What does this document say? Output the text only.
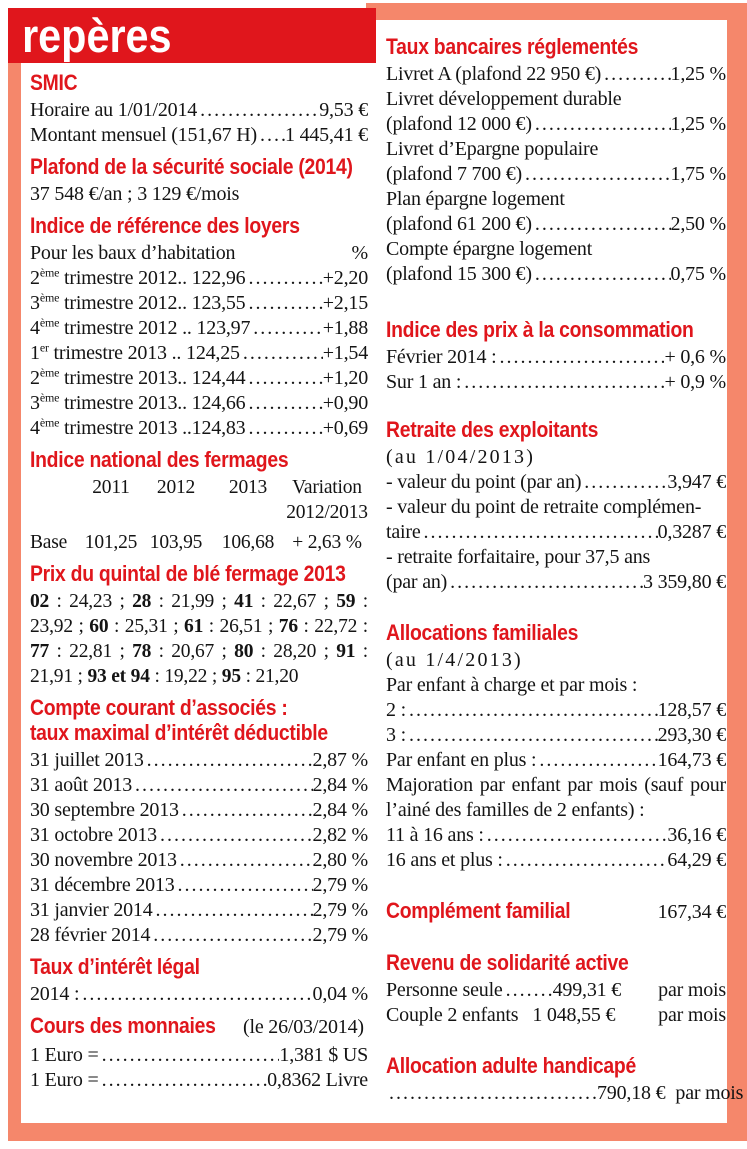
repères
SMIC
Horaire au 1/01/2014 .....	9,53 €
Montant mensuel (151,67 H) ..... 1 445,41 €
Plafond de la sécurité sociale (2014)
37 548 €/an ; 3 129 €/mois
Indice de référence des loyers
Pour les baux d’habitation	%
2ème trimestre 2012.. 122,96 .....	+2,20
3ème trimestre 2012.. 123,55 .....	+2,15
4ème trimestre 2012 .. 123,97 .....	+1,88
1er trimestre 2013 .. 124,25 .....	+1,54
2ème trimestre 2013.. 124,44 .....	+1,20
3ème trimestre 2013.. 124,66 .....	+0,90
4ème trimestre 2013 ..124,83 .....	+0,69
Indice national des fermages
2011	2012	2013	Variation
2012/2013
Base 101,25 103,95	106,68 + 2,63 %
Prix du quintal de blé fermage 2013
02 : 24,23 ; 28 : 21,99 ; 41 : 22,67 ; 59 : 23,92 ; 60 : 25,31 ; 61 : 26,51 ; 76 : 22,72 : 77 : 22,81 ; 78 : 20,67 ; 80 : 28,20 ; 91 : 21,91 ; 93 et 94 : 19,22 ; 95 : 21,20
Compte courant d’associés :
taux maximal d’intérêt déductible
31 juillet 2013 .....	2,87 %
31 août 2013 .....	2,84 %
30 septembre 2013 .....	2,84 %
31 octobre 2013 .....	2,82 %
30 novembre 2013 .....	2,80 %
31 décembre 2013 .....	2,79 %
31 janvier 2014 .....	2,79 %
28 février 2014 .....	2,79 %
Taux d’intérêt légal
2014 : .....	0,04 %
Cours des monnaies (le 26/03/2014)
1 Euro = .....	1,381 $ US
1 Euro = .....	0,8362 Livre
Taux bancaires réglementés
Livret A (plafond 22 950 €) .....	1,25 %
Livret développement durable
(plafond 12 000 €) .....	1,25 %
Livret d’Epargne populaire
(plafond 7 700 €) .....	1,75 %
Plan épargne logement
(plafond 61 200 €) .....	2,50 %
Compte épargne logement
(plafond 15 300 €) .....	0,75 %
Indice des prix à la consommation
Février 2014 : .....	+ 0,6 %
Sur 1 an : .....	+ 0,9 %
Retraite des exploitants
(au 1/04/2013)
- valeur du point (par an) .....	3,947 €
- valeur du point de retraite complémen-
taire .....	0,3287 €
- retraite forfaitaire, pour 37,5 ans
(par an) .....	3 359,80 €
Allocations familiales
(au 1/4/2013)
Par enfant à charge et par mois :
2 : .....	128,57 €
3 : .....	293,30 €
Par enfant en plus : .....	164,73 €
Majoration par enfant par mois (sauf pour l’ainé des familles de 2 enfants) :
11 à 16 ans : .....	36,16 €
16 ans et plus : .....	64,29 €
Complément familial	167,34 €
Revenu de solidarité active
Personne seule .....	499,31 €	par mois
Couple 2 enfants 1 048,55 €	par mois
Allocation adulte handicapé
.....
790,18 € par mois
